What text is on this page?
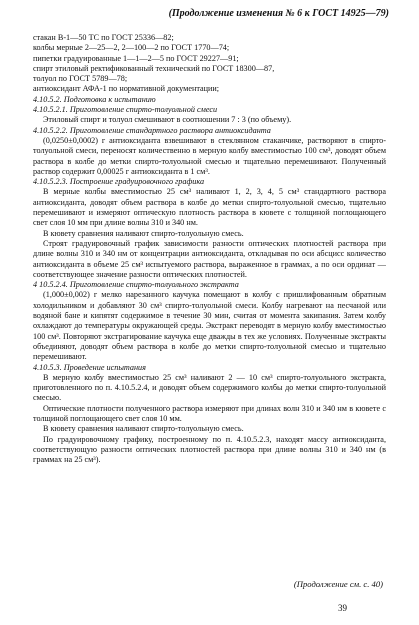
(Продолжение изменения № 6 к ГОСТ 14925—79)
стакан В-1—50 ТС по ГОСТ 25336—82;
колбы мерные 2—25—2, 2—100—2 по ГОСТ 1770—74;
пипетки градуированные 1—1—2—5 по ГОСТ 29227—91;
спирт этиловый ректификованный технический по ГОСТ 18300—87,
толуол по ГОСТ 5789—78;
антиоксидант АФА-1 по нормативной документации;
4.10.5.2. Подготовка к испытанию
4.10.5.2.1. Приготовление спирто-толуольной смеси
Этиловый спирт и толуол смешивают в соотношении 7 : 3 (по объему).
4.10.5.2.2. Приготовление стандартного раствора антиоксиданта
(0,0250±0,0002) г антиоксиданта взвешивают в стеклянном стаканчике, растворяют в спирто-толуольной смеси, переносят количественно в мерную колбу вместимостью 100 см³, доводят объем раствора в колбе до метки спирто-толуольной смесью и тщательно перемешивают. Полученный раствор содержит 0,00025 г антиоксиданта в 1 см³.
4.10.5.2.3. Построение градуировочного графика
В мерные колбы вместимостью 25 см³ наливают 1, 2, 3, 4, 5 см³ стандартного раствора антиоксиданта, доводят объем раствора в колбе до метки спирто-толуольной смесью, тщательно перемешивают и измеряют оптическую плотность раствора в кювете с толщиной поглощающего свет слоя 10 мм при длине волны 310 и 340 нм.
В кювету сравнения наливают спирто-толуольную смесь.
Строят градуировочный график зависимости разности оптических плотностей раствора при длине волны 310 и 340 нм от концентрации антиоксиданта, откладывая по оси абсцисс количество антиоксиданта в объеме 25 см³ испытуемого раствора, выраженное в граммах, а по оси ординат — соответствующее значение разности оптических плотностей.
4 10.5.2.4. Приготовление спирто-толуольного экстракта
(1,000±0,002) г мелко нарезанного каучука помещают в колбу с пришлифованным обратным холодильником и добавляют 30 см³ спирто-толуольной смеси. Колбу нагревают на песчаной или водяной бане и кипятят содержимое в течение 30 мин, считая от момента закипания. Затем колбу охлаждают до температуры окружающей среды. Экстракт переводят в мерную колбу вместимостью 100 см³. Повторяют экстрагирование каучука еще дважды в тех же условиях. Полученные экстракты объединяют, доводят объем раствора в колбе до метки спирто-толуольной смесью и тщательно перемешивают.
4.10.5.3. Проведение испытания
В мерную колбу вместимостью 25 см³ наливают 2 — 10 см³ спирто-толуольного экстракта, приготовленного по п. 4.10.5.2.4, и доводят объем содержимого колбы до метки спирто-толуольной смесью.
Оптические плотности полученного раствора измеряют при длинах волн 310 и 340 нм в кювете с толщиной поглощающего свет слоя 10 мм.
В кювету сравнения наливают спирто-толуольную смесь.
По градуировочному графику, построенному по п. 4.10.5.2.3, находят массу антиоксиданта, соответствующую разности оптических плотностей раствора при длине волны 310 и 340 нм (в граммах на 25 см³).
(Продолжение см. с. 40)
39
